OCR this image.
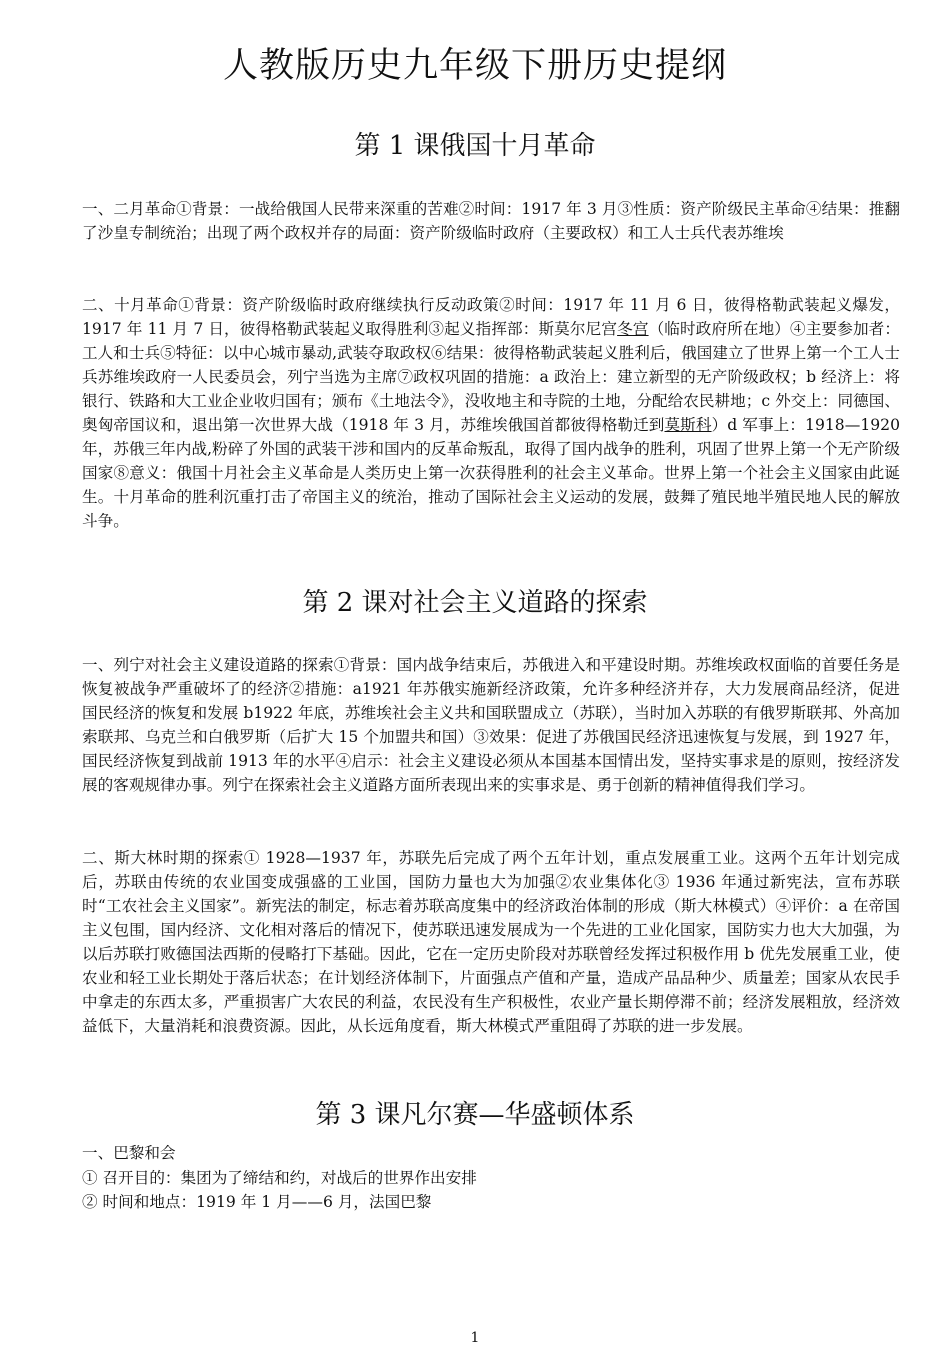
人教版历史九年级下册历史提纲
第 1 课俄国十月革命

一、二月革命①背景：一战给俄国人民带来深重的苦难②时间：1917 年 3 月③性质：资产阶级民主革命④结果：推翻了沙皇专制统治；出现了两个政权并存的局面：资产阶级临时政府（主要政权）和工人士兵代表苏维埃

二、十月革命①背景：资产阶级临时政府继续执行反动政策②时间：1917 年 11 月 6 日，彼得格勒武装起义爆发，1917 年 11 月 7 日，彼得格勒武装起义取得胜利③起义指挥部：斯莫尔尼宫冬宫（临时政府所在地）④主要参加者：工人和士兵⑤特征：以中心城市暴动,武装夺取政权⑥结果：彼得格勒武装起义胜利后，俄国建立了世界上第一个工人士兵苏维埃政府一人民委员会，列宁当选为主席⑦政权巩固的措施：a 政治上：建立新型的无产阶级政权；b 经济上：将银行、铁路和大工业企业收归国有；颁布《土地法令》，没收地主和寺院的土地，分配给农民耕地；c 外交上：同德国、奥匈帝国议和，退出第一次世界大战（1918 年 3 月，苏维埃俄国首都彼得格勒迁到莫斯科）d 军事上：1918—1920 年，苏俄三年内战,粉碎了外国的武装干涉和国内的反革命叛乱，取得了国内战争的胜利，巩固了世界上第一个无产阶级国家⑧意义：俄国十月社会主义革命是人类历史上第一次获得胜利的社会主义革命。世界上第一个社会主义国家由此诞生。十月革命的胜利沉重打击了帝国主义的统治，推动了国际社会主义运动的发展，鼓舞了殖民地半殖民地人民的解放斗争。

第 2 课对社会主义道路的探索

一、列宁对社会主义建设道路的探索①背景：国内战争结束后，苏俄进入和平建设时期。苏维埃政权面临的首要任务是恢复被战争严重破坏了的经济②措施：a1921 年苏俄实施新经济政策，允许多种经济并存，大力发展商品经济，促进国民经济的恢复和发展 b1922 年底，苏维埃社会主义共和国联盟成立（苏联），当时加入苏联的有俄罗斯联邦、外高加索联邦、乌克兰和白俄罗斯（后扩大 15 个加盟共和国）③效果：促进了苏俄国民经济迅速恢复与发展，到 1927 年，国民经济恢复到战前 1913 年的水平④启示：社会主义建设必须从本国基本国情出发，坚持实事求是的原则，按经济发展的客观规律办事。列宁在探索社会主义道路方面所表现出来的实事求是、勇于创新的精神值得我们学习。

二、斯大林时期的探索① 1928—1937 年，苏联先后完成了两个五年计划，重点发展重工业。这两个五年计划完成后，苏联由传统的农业国变成强盛的工业国，国防力量也大为加强②农业集体化③ 1936 年通过新宪法，宣布苏联时“工农社会主义国家”。新宪法的制定，标志着苏联高度集中的经济政治体制的形成（斯大林模式）④评价：a 在帝国主义包围，国内经济、文化相对落后的情况下，使苏联迅速发展成为一个先进的工业化国家，国防实力也大大加强，为以后苏联打败德国法西斯的侵略打下基础。因此，它在一定历史阶段对苏联曾经发挥过积极作用 b 优先发展重工业，使农业和轻工业长期处于落后状态；在计划经济体制下，片面强点产值和产量，造成产品品种少、质量差；国家从农民手中拿走的东西太多，严重损害广大农民的利益，农民没有生产积极性，农业产量长期停滞不前；经济发展粗放，经济效益低下，大量消耗和浪费资源。因此，从长远角度看，斯大林模式严重阻碍了苏联的进一步发展。

第 3 课凡尔赛—华盛顿体系

一、巴黎和会

① 召开目的：集团为了缔结和约，对战后的世界作出安排

② 时间和地点：1919 年 1 月——6 月，法国巴黎

1
